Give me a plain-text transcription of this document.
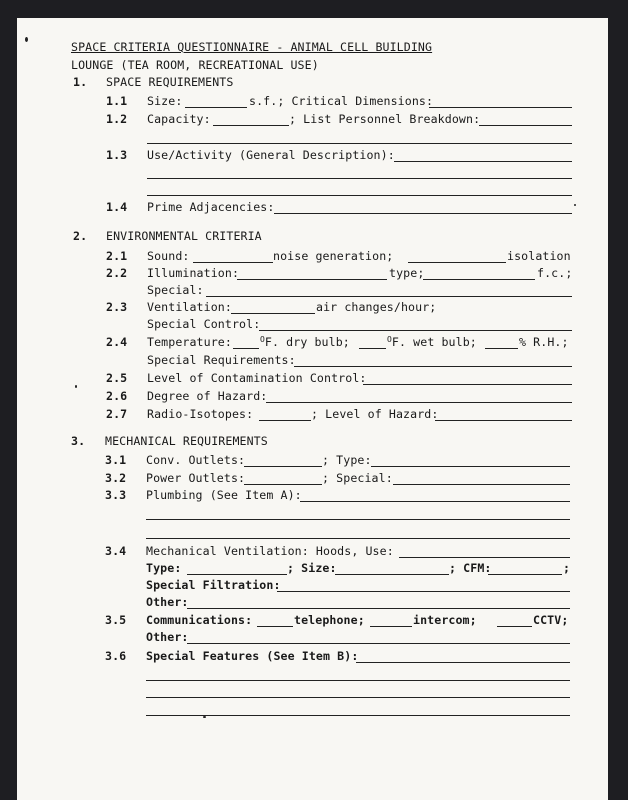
SPACE CRITERIA QUESTIONNAIRE - ANIMAL CELL BUILDING
LOUNGE (TEA ROOM, RECREATIONAL USE)
1. SPACE REQUIREMENTS
1.1 Size:	s.f.; Critical Dimensions:
1.2 Capacity:	; List Personnel Breakdown:
1.3 Use/Activity (General Description):
1.4 Prime Adjacencies:
2. ENVIRONMENTAL CRITERIA
2.1 Sound:	noise generation;	isolation
2.2 Illumination:	type;	f.c.;
Special:
2.3 Ventilation:	air changes/hour;
Special Control:
2.4 Temperature:	$^O$F. dry bulb;	$^O$F. wet bulb;	% R.H.;
Special Requirements:
2.5 Level of Contamination Control:
2.6 Degree of Hazard:
2.7 Radio-Isotopes:	; Level of Hazard:
3. MECHANICAL REQUIREMENTS
3.1 Conv. Outlets:	; Type:
3.2 Power Outlets:	; Special:
3.3 Plumbing (See Item A):
3.4 Mechanical Ventilation: Hoods, Use:
Type:	; Size:	; CFM:	;
Special Filtration:
Other:
3.5 Communications:	telephone;	intercom;	CCTV;
Other:
3.6 Special Features (See Item B):
